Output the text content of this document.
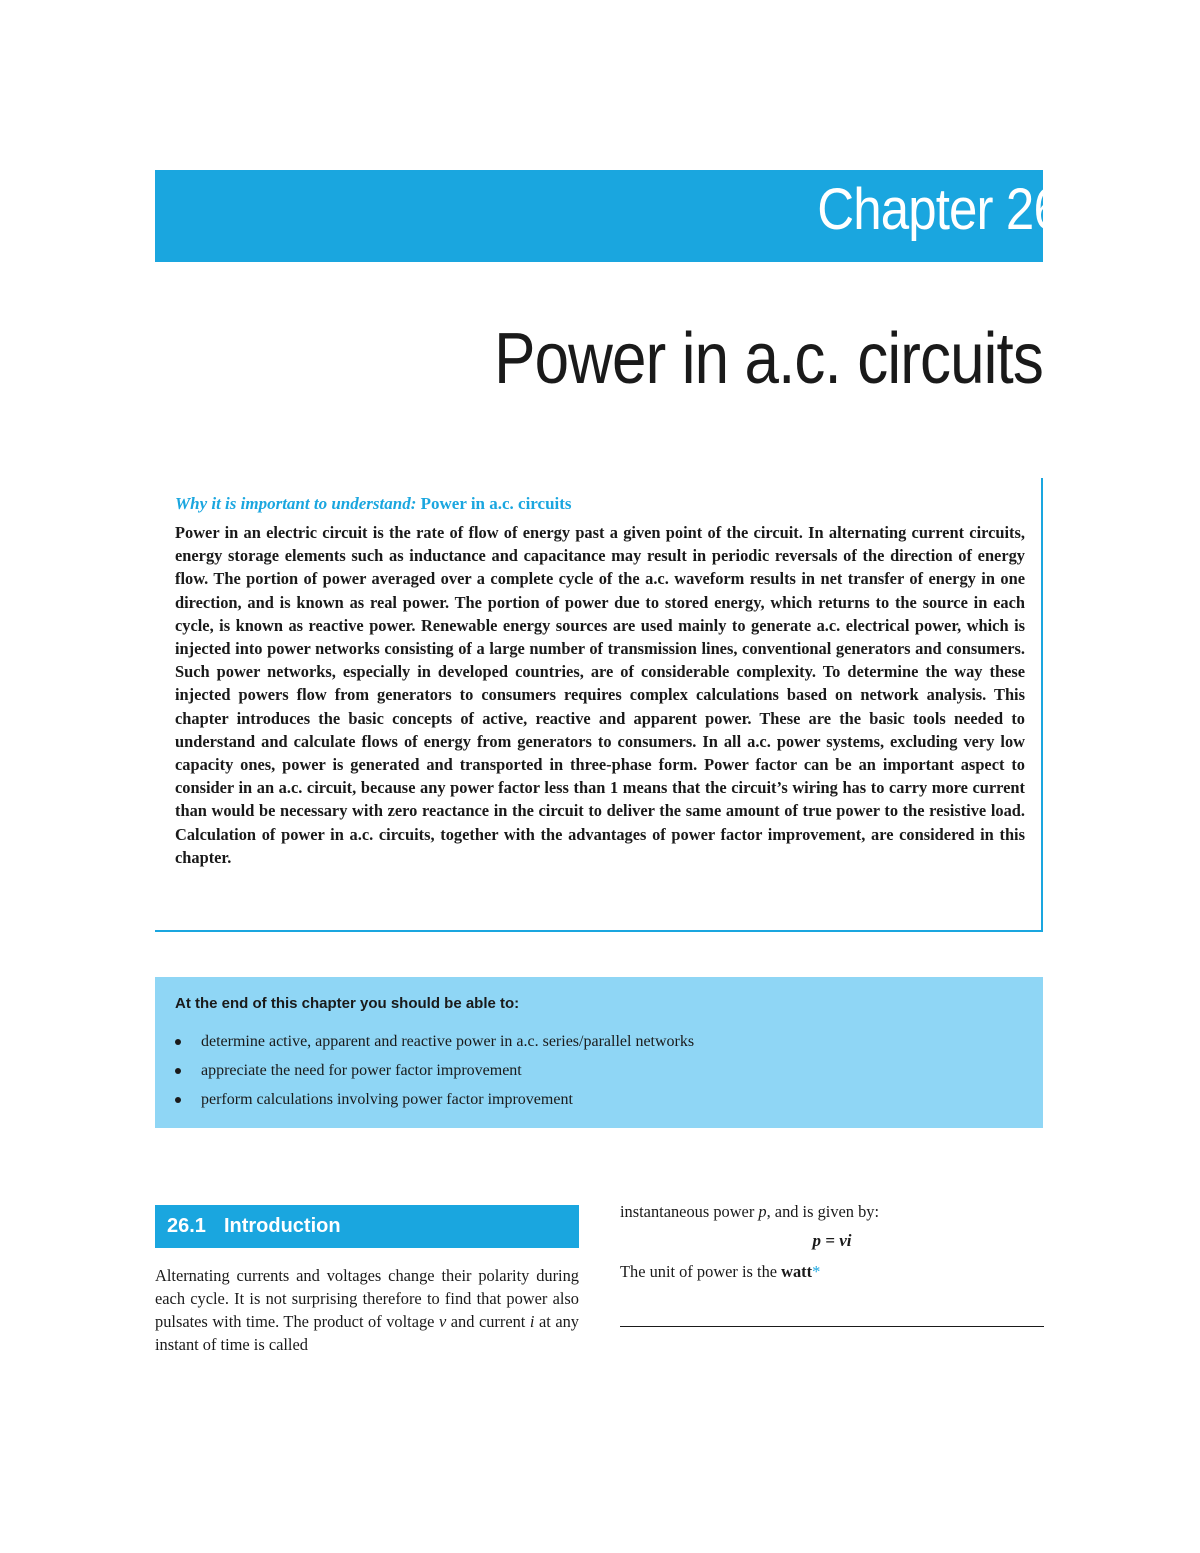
Chapter 26
Power in a.c. circuits
Why it is important to understand: Power in a.c. circuits
Power in an electric circuit is the rate of flow of energy past a given point of the circuit. In alternating current circuits, energy storage elements such as inductance and capacitance may result in periodic reversals of the direction of energy flow. The portion of power averaged over a complete cycle of the a.c. waveform results in net transfer of energy in one direction, and is known as real power. The portion of power due to stored energy, which returns to the source in each cycle, is known as reactive power. Renewable energy sources are used mainly to generate a.c. electrical power, which is injected into power networks consisting of a large number of transmission lines, conventional generators and consumers. Such power networks, especially in developed countries, are of considerable complexity. To determine the way these injected powers flow from generators to consumers requires complex calculations based on network analysis. This chapter introduces the basic concepts of active, reactive and apparent power. These are the basic tools needed to understand and calculate flows of energy from generators to consumers. In all a.c. power systems, excluding very low capacity ones, power is generated and transported in three-phase form. Power factor can be an important aspect to consider in an a.c. circuit, because any power factor less than 1 means that the circuit’s wiring has to carry more current than would be necessary with zero reactance in the circuit to deliver the same amount of true power to the resistive load. Calculation of power in a.c. circuits, together with the advantages of power factor improvement, are considered in this chapter.
At the end of this chapter you should be able to:
determine active, apparent and reactive power in a.c. series/parallel networks
appreciate the need for power factor improvement
perform calculations involving power factor improvement
26.1 Introduction
Alternating currents and voltages change their polarity during each cycle. It is not surprising therefore to find that power also pulsates with time. The product of voltage v and current i at any instant of time is called
instantaneous power p, and is given by:
p = vi
The unit of power is the watt*
